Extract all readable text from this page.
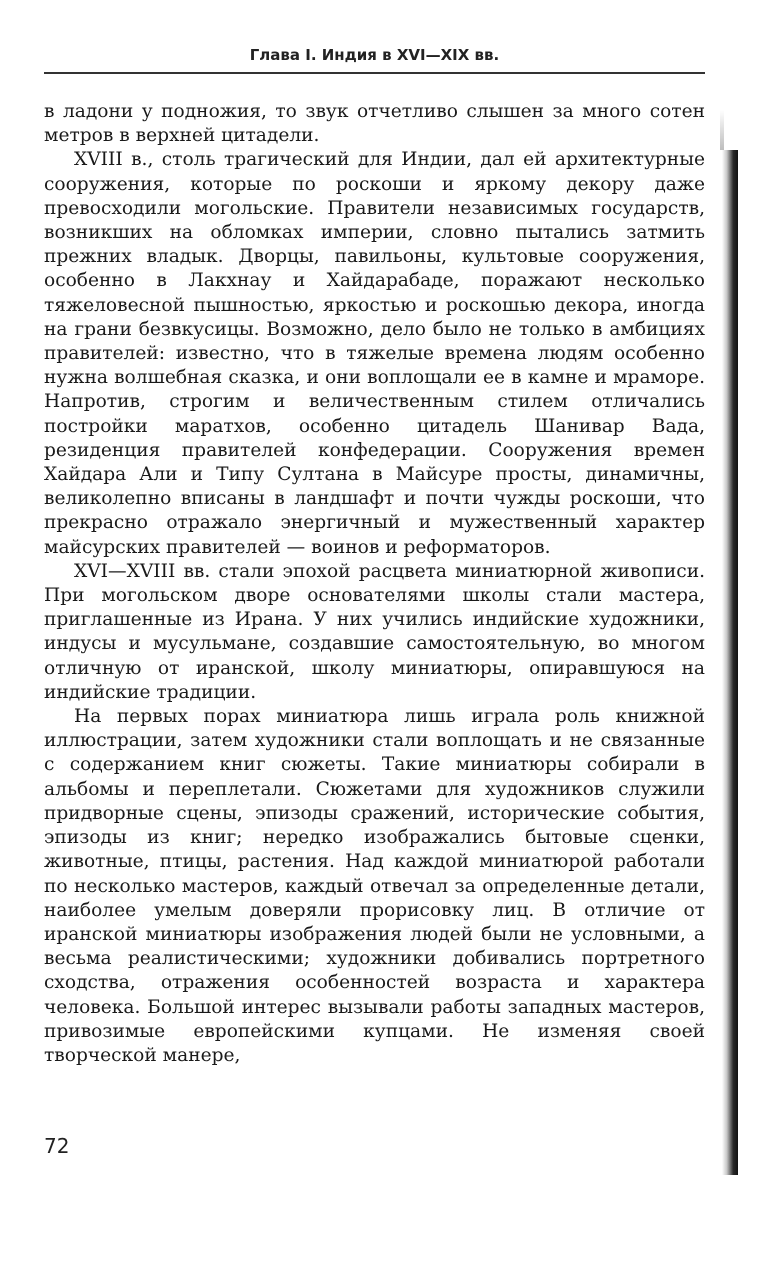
Глава I. Индия в XVI—XIX вв.

в ладони у подножия, то звук отчетливо слышен за много сотен метров в верхней цитадели.

XVIII в., столь трагический для Индии, дал ей архитектурные сооружения, которые по роскоши и яркому декору даже превосходили могольские. Правители независимых государств, возникших на обломках империи, словно пытались затмить прежних владык. Дворцы, павильоны, культовые сооружения, особенно в Лакхнау и Хайдарабаде, поражают несколько тяжеловесной пышностью, яркостью и роскошью декора, иногда на грани безвкусицы. Возможно, дело было не только в амбициях правителей: известно, что в тяжелые времена людям особенно нужна волшебная сказка, и они воплощали ее в камне и мраморе. Напротив, строгим и величественным стилем отличались постройки маратхов, особенно цитадель Шанивар Вада, резиденция правителей конфедерации. Сооружения времен Хайдара Али и Типу Султана в Майсуре просты, динамичны, великолепно вписаны в ландшафт и почти чужды роскоши, что прекрасно отражало энергичный и мужественный характер майсурских правителей — воинов и реформаторов.

XVI—XVIII вв. стали эпохой расцвета миниатюрной живописи. При могольском дворе основателями школы стали мастера, приглашенные из Ирана. У них учились индийские художники, индусы и мусульмане, создавшие самостоятельную, во многом отличную от иранской, школу миниатюры, опиравшуюся на индийские традиции.

На первых порах миниатюра лишь играла роль книжной иллюстрации, затем художники стали воплощать и не связанные с содержанием книг сюжеты. Такие миниатюры собирали в альбомы и переплетали. Сюжетами для художников служили придворные сцены, эпизоды сражений, исторические события, эпизоды из книг; нередко изображались бытовые сценки, животные, птицы, растения. Над каждой миниатюрой работали по несколько мастеров, каждый отвечал за определенные детали, наиболее умелым доверяли прорисовку лиц. В отличие от иранской миниатюры изображения людей были не условными, а весьма реалистическими; художники добивались портретного сходства, отражения особенностей возраста и характера человека. Большой интерес вызывали работы западных мастеров, привозимые европейскими купцами. Не изменяя своей творческой манере,

72
